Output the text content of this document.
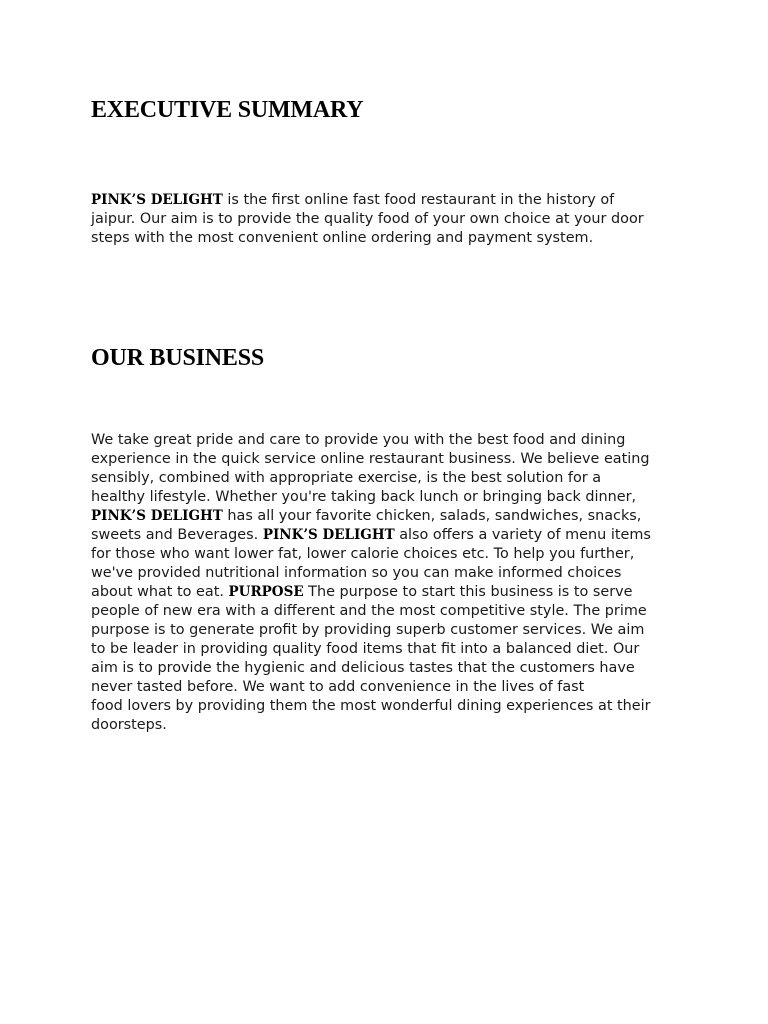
EXECUTIVE SUMMARY

PINK’S DELIGHT is the first online fast food restaurant in the history of
jaipur. Our aim is to provide the quality food of your own choice at your door
steps with the most convenient online ordering and payment system.

OUR BUSINESS

We take great pride and care to provide you with the best food and dining
experience in the quick service online restaurant business. We believe eating
sensibly, combined with appropriate exercise, is the best solution for a
healthy lifestyle. Whether you're taking back lunch or bringing back dinner,
PINK’S DELIGHT has all your favorite chicken, salads, sandwiches, snacks,
sweets and Beverages. PINK’S DELIGHT also offers a variety of menu items
for those who want lower fat, lower calorie choices etc. To help you further,
we've provided nutritional information so you can make informed choices
about what to eat. PURPOSE The purpose to start this business is to serve
people of new era with a different and the most competitive style. The prime
purpose is to generate profit by providing superb customer services. We aim
to be leader in providing quality food items that fit into a balanced diet. Our
aim is to provide the hygienic and delicious tastes that the customers have
never tasted before. We want to add convenience in the lives of fast
food lovers by providing them the most wonderful dining experiences at their
doorsteps.
